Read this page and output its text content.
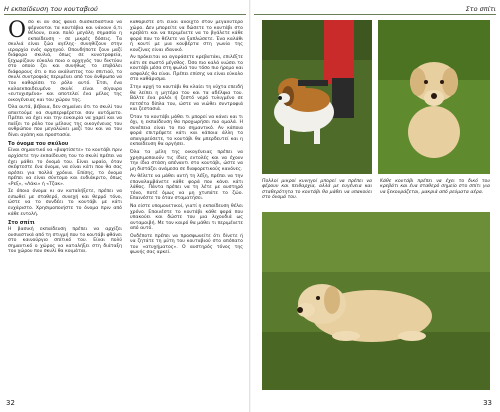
Η εκπαίδευση του κουταβιού	Στο σπίτι

Οσο κι αν σας φανεί διασκεδαστικό να φέρνονται τα κουτάβια και νάνουν ό,τι θέλουν, ειναι πολύ μεγάλη σημασία η εκπαίδευση - σε μικρές δόσεις. Τα σκυλιά είναι ζώα αγέλης· συνηθίζουν στην ιεραρχία ενός αρχηγού. Οπουδήποτε ζουν μαζί διάφορα σκυλιά, όπως σε κυνοτροφεία, ξεχωρίζουν εύκολα ποιο ο αρχηγός του δικτύου στο οποίο ζει και συνήθως το επιβάλει διάφορους ότι ο πιο ακάλυπτος του σπιτιού, το σκυλί συντροφιάς περιμένει από τον άνθρωπο να του καθορίσει το ρόλο αυτό. Έτσι, ένα καλοεκπαιδευμένο σκυλί είναι σίγουρα «ευτυχισμένο» και αποτελεί ένα μέλος της οικογένειας και του χώρου της.

Όλα αυτά, βέβαια, δεν σημαίνει ότι το σκυλί του απαιτούμε να συμπεριφέρεται σαν αυτόματο. Πρέπει να έχει και την ευκαιρία να χαρεί και να παίξει το ρόλο του μέλους της οικογένειας του ανθρώπου που μεγαλώνει μαζί του και να του δίνει αγάπη και προστασία.

Το όνομα του σκύλου

Είναι σημαντικό να «βαφτίσετε» το κουτάβι πριν αρχίσετε την εκπαίδευση του το σκυλί πρέπει να έχει μάθει το όνομά του. Είναι ωραίο, όταν σκέφτεστε ένα όνομα, να είναι κάτι που θα σας αρέσει για πολλά χρόνια. Επίσης, το όνομα πρέπει να είναι σύντομο και ευδιάκριτο, όπως «Ρεξ», «Λάκι» ή «Τζακ».

Σε όποιο όνομα κι αν καταλήξετε, πρέπει να ειπωθεί με σταθερό, συνεχή και θερμό τόνο, ώστε να το συνδέει το κουτάβι με κάτι ευχάριστο. Χρησιμοποιήστε το όνομα πριν από κάθε εντολή.

Στο σπίτι

Η βασική εκπαίδευση πρέπει να αρχίζει ουσιαστικά από τη στιγμή που το κουτάβι φθάνει στο καινούργιο σπίτικό του. Είναι πολύ σημαντικό ο χώρος να καταλήξει στη διάταξη του χώρου που σκυλί θα κοιμάται.

καθορίστε ότι είναι ανοιχτό στον μεγαλύτερο χώρο. Δεν μπορείτε να δώσετε το κουτάβι στο κρεβάτι και να περιμένετε να το βγάλετε κάθε φορά που το θέλετε να ξαπλώσετε. Ένα καλάθι ή κουτί με μια κουβέρτα στη γωνία της κουζίνας είναι ιδανικό.

Αν πρόκειται να αγοράσετε κρεβατάκι, επιλέξτε κάτι σε σωστό μέγεθος. Όσο πιο καλά νιώσει το κουτάβι μέσα στη φωλιά του τόσο πιο ήρεμο και ασφαλές θα είναι. Πρέπει επίσης να είναι εύκολο στο καθάρισμα.

Στην αρχή το κουτάβι θα κλαίει τη νύχτα επειδή θα λείπει η μητέρα του και τα αδέλφια του. Βάλτε ένα ρολόι ή ζεστό νερό τυλιγμένο σε πετσέτα δίπλα του, ώστε να νιώθει συντροφιά και ζεστασιά.

Όταν το κουτάβι μάθει τι μπορεί να κάνει και τι όχι, η εκπαίδευση θα προχωρήσει πιο ομαλά. Η συνέπεια είναι το πιο σημαντικό. Αν κάποια φορά επιτρέψετε κάτι και κάποια άλλη το απαγορεύσετε, το κουτάβι θα μπερδευτεί και η εκπαίδευση θα αργήσει.

Όλα τα μέλη της οικογένειας πρέπει να χρησιμοποιούν τις ίδιες εντολές και να έχουν την ίδια στάση απέναντι στο κουτάβι, ώστε να μη διστάζει ανάμεσα σε διαφορετικούς κανόνες.

Αν θέλετε να μάθει αυτή τη λέξη, πρέπει να την επαναλαμβάνετε κάθε φορά που κάνει κάτι λάθος. Πάντα πρέπει να τη λέτε με αυστηρό τόνο, ποτέ όμως να μη χτυπάτε το ζώο. Επαινέστε το όταν σταματήσει.

Να είστε υπομονετικοί, γιατί η εκπαίδευση θέλει χρόνο. Επαινέστε το κουτάβι κάθε φορά που υπακούει και δώστε του μια λιχουδιά ως ανταμοιβή. Με τον καιρό θα μάθει τι περιμένετε από αυτό.

Ουδέποτε πρέπει να προσφωνείτε ότι δίνετε ή να ζητάτε τη μύτη του κουταβιού στο απόπατο του «ατυχήματος». Ο αυστηρός τόνος της φωνής σας αρκεί.

Πολλοί μικροί κυνηγοί μπορεί να πρέπει να φέρουν και πειθαρχία, αλλά με ευγένεια και σταθερότητα το κουτάβι θα μάθει να υπακούει στο όνομά του.
Κάθε κουτάβι πρέπει να έχει το δικό του κρεβάτι και ένα σταθερό σημείο στο σπίτι για να ξεκουράζεται, μακριά από ρεύματα αέρα.
32	33
